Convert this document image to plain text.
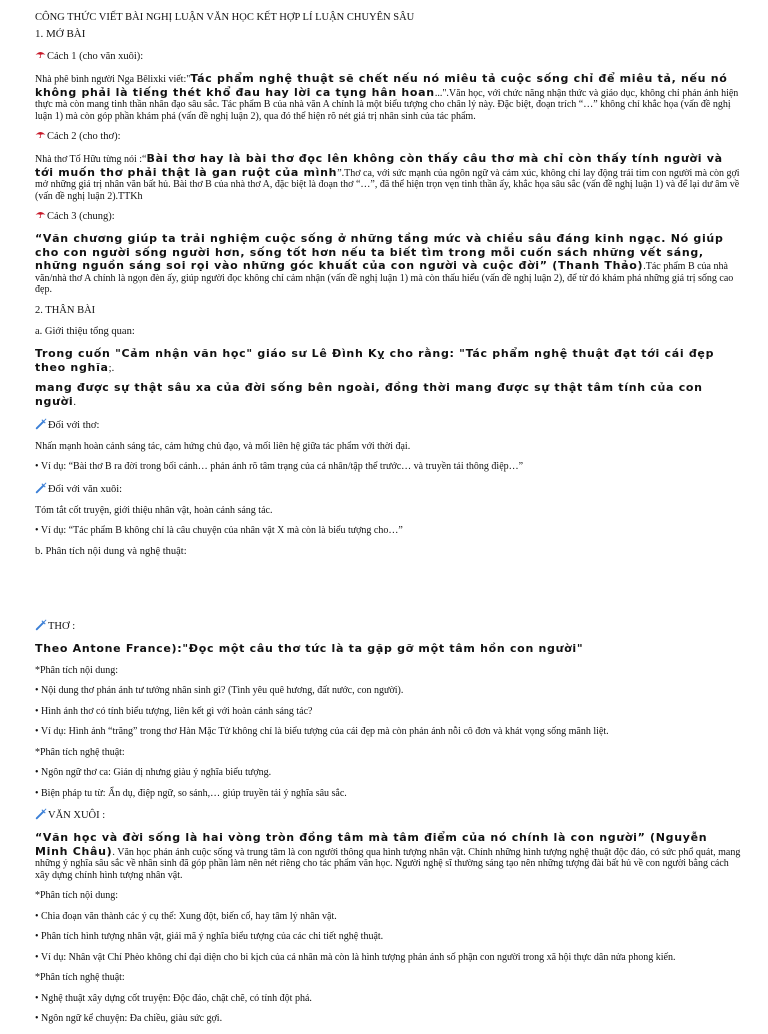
CÔNG THỨC VIẾT BÀI NGHỊ LUẬN VĂN HỌC KẾT HỢP LÍ LUẬN CHUYÊN SÂU

1. MỞ BÀI

Cách 1 (cho văn xuôi):

Nhà phê bình người Nga Bêlixki viết:"Tác phẩm nghệ thuật sẽ chết nếu nó miêu tả cuộc sống chỉ để miêu tả, nếu nó không phải là tiếng thét khổ đau hay lời ca tụng hân hoan...".Văn học, với chức năng nhận thức và giáo dục, không chỉ phản ánh hiện thực mà còn mang tinh thần nhân đạo sâu sắc. Tác phẩm B của nhà văn A chính là một biểu tượng cho chân lý này. Đặc biệt, đoạn trích “…” không chỉ khắc họa (vấn đề nghị luận 1) mà còn góp phần khám phá (vấn đề nghị luận 2), qua đó thể hiện rõ nét giá trị nhân sinh của tác phẩm.

Cách 2 (cho thơ):

Nhà thơ Tố Hữu từng nói :“Bài thơ hay là bài thơ đọc lên không còn thấy câu thơ mà chỉ còn thấy tính người và tới muốn thơ phải thật là gan ruột của mình”.Thơ ca, với sức mạnh của ngôn ngữ và cảm xúc, không chỉ lay động trái tim con người mà còn gợi mở những giá trị nhân văn bất hủ. Bài thơ B của nhà thơ A, đặc biệt là đoạn thơ “…”, đã thể hiện trọn vẹn tinh thần ấy, khắc họa sâu sắc (vấn đề nghị luận 1) và để lại dư âm về (vấn đề nghị luận 2).TTKh

Cách 3 (chung):

“Văn chương giúp ta trải nghiệm cuộc sống ở những tầng mức và chiều sâu đáng kinh ngạc. Nó giúp cho con người sống người hơn, sống tốt hơn nếu ta biết tìm trong mỗi cuốn sách những vết sáng, những nguồn sáng soi rọi vào những góc khuất của con người và cuộc đời” (Thanh Thảo).Tác phẩm B của nhà văn/nhà thơ A chính là ngọn đèn ấy, giúp người đọc không chỉ cảm nhận (vấn đề nghị luận 1) mà còn thấu hiểu (vấn đề nghị luận 2), để từ đó khám phá những giá trị sống cao đẹp.

2. THÂN BÀI

a. Giới thiệu tổng quan:

Trong cuốn "Cảm nhận văn học" giáo sư Lê Đình Kỵ cho rằng: "Tác phẩm nghệ thuật đạt tới cái đẹp theo nghĩa;.

mang được sự thật sâu xa của đời sống bên ngoài, đồng thời mang được sự thật tâm tính của con người.

Đối với thơ:

Nhấn mạnh hoàn cảnh sáng tác, cảm hứng chủ đạo, và mối liên hệ giữa tác phẩm với thời đại.

• Ví dụ: “Bài thơ B ra đời trong bối cảnh… phản ánh rõ tâm trạng của cá nhân/tập thể trước… và truyền tải thông điệp…”

Đối với văn xuôi:

Tóm tắt cốt truyện, giới thiệu nhân vật, hoàn cảnh sáng tác.

• Ví dụ: “Tác phẩm B không chỉ là câu chuyện của nhân vật X mà còn là biểu tượng cho…”

b. Phân tích nội dung và nghệ thuật:

THƠ :

Theo Antone France):"Đọc một câu thơ tức là ta gặp gỡ một tâm hồn con người"

*Phân tích nội dung:

• Nội dung thơ phản ánh tư tưởng nhân sinh gì? (Tình yêu quê hương, đất nước, con người).

• Hình ảnh thơ có tính biểu tượng, liên kết gì với hoàn cảnh sáng tác?

• Ví dụ: Hình ảnh “trăng” trong thơ Hàn Mặc Tử không chỉ là biểu tượng của cái đẹp mà còn phản ánh nỗi cô đơn và khát vọng sống mãnh liệt.

*Phân tích nghệ thuật:

• Ngôn ngữ thơ ca: Giản dị nhưng giàu ý nghĩa biểu tượng.

• Biện pháp tu từ: Ẩn dụ, điệp ngữ, so sánh,… giúp truyền tải ý nghĩa sâu sắc.

VĂN XUÔI :

“Văn học và đời sống là hai vòng tròn đồng tâm mà tâm điểm của nó chính là con người” (Nguyễn Minh Châu). Văn học phản ánh cuộc sống và trung tâm là con người thông qua hình tượng nhân vật. Chính những hình tượng nghệ thuật độc đáo, có sức phổ quát, mang những ý nghĩa sâu sắc về nhân sinh đã góp phần làm nên nét riêng cho tác phẩm văn học. Người nghệ sĩ thường sáng tạo nên những tượng đài bất hủ về con người bằng cách xây dựng chính hình tượng nhân vật.

*Phân tích nội dung:

• Chia đoạn văn thành các ý cụ thể: Xung đột, biến cố, hay tâm lý nhân vật.

• Phân tích hình tượng nhân vật, giải mã ý nghĩa biểu tượng của các chi tiết nghệ thuật.

• Ví dụ: Nhân vật Chí Phèo không chỉ đại diện cho bi kịch của cá nhân mà còn là hình tượng phản ánh số phận con người trong xã hội thực dân nửa phong kiến.

*Phân tích nghệ thuật:

• Nghệ thuật xây dựng cốt truyện: Độc đáo, chặt chẽ, có tính đột phá.

• Ngôn ngữ kể chuyện: Đa chiều, giàu sức gợi.
